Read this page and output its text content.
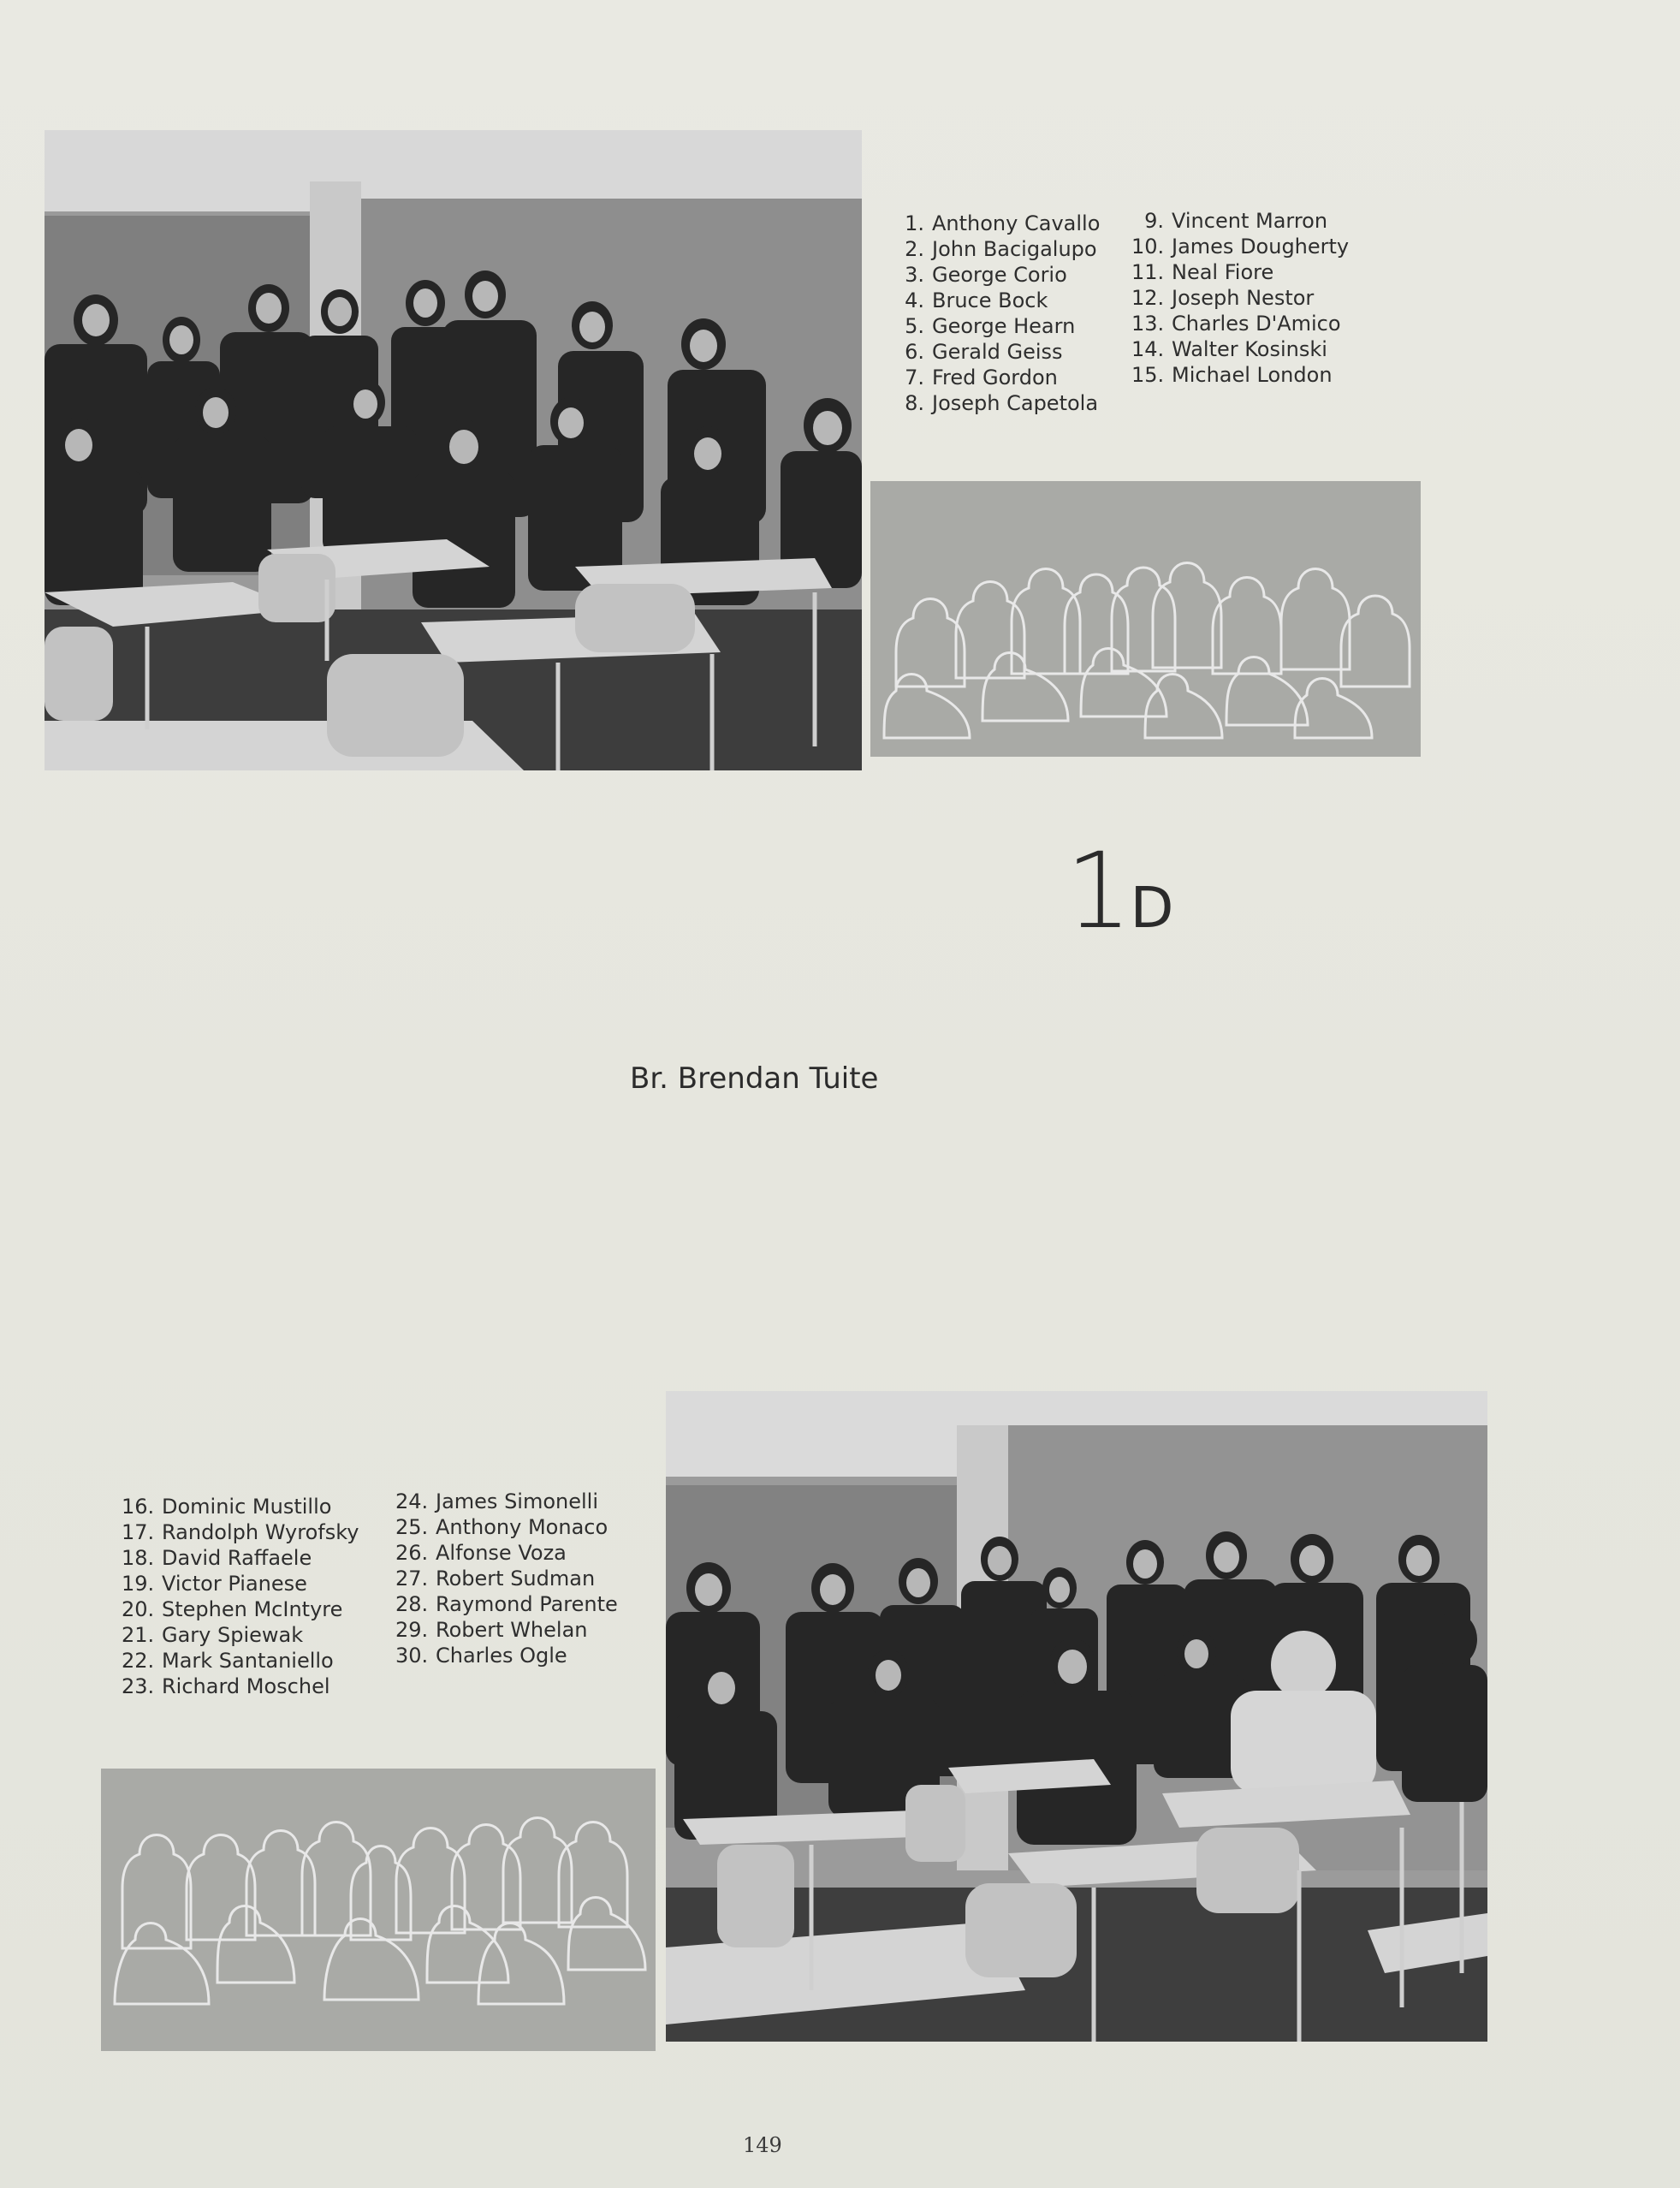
1. Anthony Cavallo
2. John Bacigalupo
3. George Corio
4. Bruce Bock
5. George Hearn
6. Gerald Geiss
7. Fred Gordon
8. Joseph Capetola
9. Vincent Marron
10. James Dougherty
11. Neal Fiore
12. Joseph Nestor
13. Charles D'Amico
14. Walter Kosinski
15. Michael London
1D
Br. Brendan Tuite
16. Dominic Mustillo
17. Randolph Wyrofsky
18. David Raffaele
19. Victor Pianese
20. Stephen McIntyre
21. Gary Spiewak
22. Mark Santaniello
23. Richard Moschel
24. James Simonelli
25. Anthony Monaco
26. Alfonse Voza
27. Robert Sudman
28. Raymond Parente
29. Robert Whelan
30. Charles Ogle
149
